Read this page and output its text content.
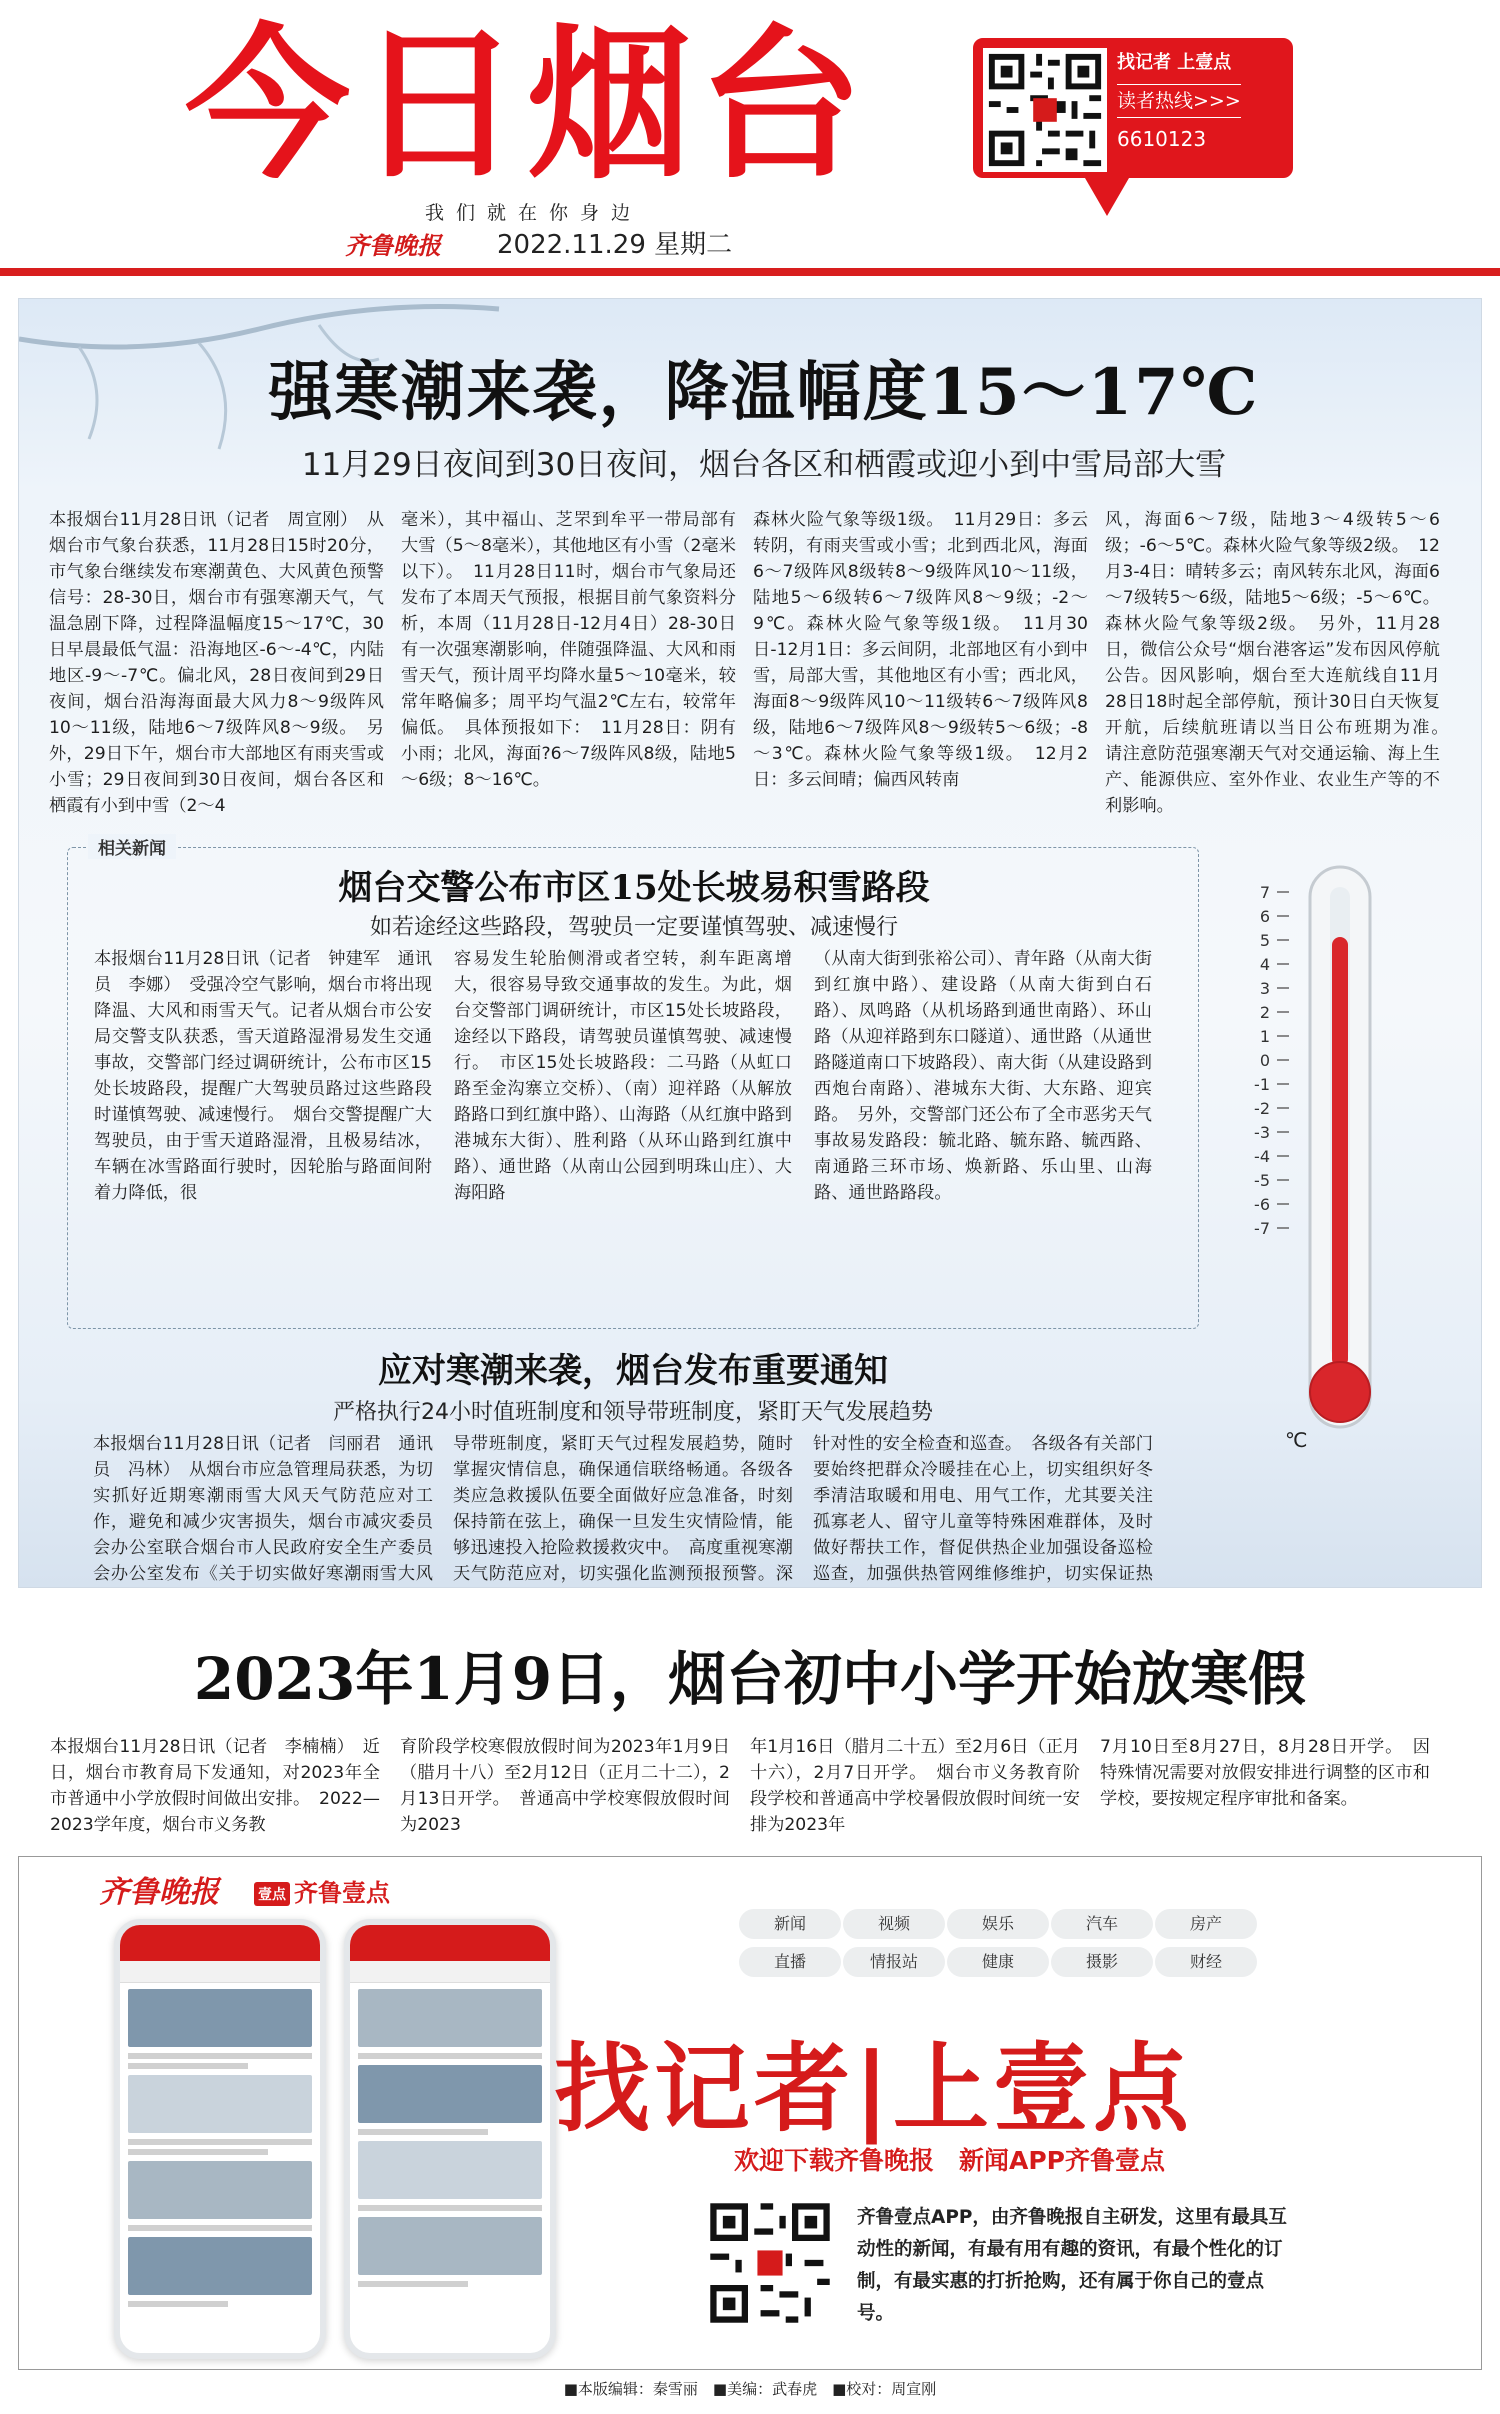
今日烟台
我们就在你身边
齐鲁晚报 2022.11.29 星期二
找记者 上壹点
读者热线>>>
6610123
强寒潮来袭，降温幅度15～17℃
11月29日夜间到30日夜间，烟台各区和栖霞或迎小到中雪局部大雪

本报烟台11月28日讯（记者　周宣刚）　从烟台市气象台获悉，11月28日15时20分，市气象台继续发布寒潮黄色、大风黄色预警信号：28-30日，烟台市有强寒潮天气，气温急剧下降，过程降温幅度15～17℃，30日早晨最低气温：沿海地区-6～-4℃，内陆地区-9～-7℃。偏北风，28日夜间到29日夜间，烟台沿海海面最大风力8～9级阵风10～11级，陆地6～7级阵风8～9级。　另外，29日下午，烟台市大部地区有雨夹雪或小雪；29日夜间到30日夜间，烟台各区和栖霞有小到中雪（2～4

毫米），其中福山、芝罘到牟平一带局部有大雪（5～8毫米），其他地区有小雪（2毫米以下）。　11月28日11时，烟台市气象局还发布了本周天气预报，根据目前气象资料分析，本周（11月28日-12月4日）28-30日有一次强寒潮影响，伴随强降温、大风和雨雪天气，预计周平均降水量5～10毫米，较常年略偏多；周平均气温2℃左右，较常年偏低。　具体预报如下：　11月28日：阴有小雨；北风，海面?6～7级阵风8级，陆地5～6级；8～16℃。

森林火险气象等级1级。　11月29日：多云转阴，有雨夹雪或小雪；北到西北风，海面6～7级阵风8级转8～9级阵风10～11级，陆地5～6级转6～7级阵风8～9级；-2～9℃。森林火险气象等级1级。　11月30日-12月1日：多云间阴，北部地区有小到中雪，局部大雪，其他地区有小雪；西北风，海面8～9级阵风10～11级转6～7级阵风8级，陆地6～7级阵风8～9级转5～6级；-8～3℃。森林火险气象等级1级。　12月2日：多云间晴；偏西风转南

风，海面6～7级，陆地3～4级转5～6级；-6～5℃。森林火险气象等级2级。　12月3-4日：晴转多云；南风转东北风，海面6～7级转5～6级，陆地5～6级；-5～6℃。森林火险气象等级2级。　另外，11月28日，微信公众号“烟台港客运”发布因风停航公告。因风影响，烟台至大连航线自11月28日18时起全部停航，预计30日白天恢复开航，后续航班请以当日公布班期为准。　请注意防范强寒潮天气对交通运输、海上生产、能源供应、室外作业、农业生产等的不利影响。

相关新闻
烟台交警公布市区15处长坡易积雪路段
如若途经这些路段，驾驶员一定要谨慎驾驶、减速慢行

本报烟台11月28日讯（记者　钟建军　通讯员　李娜）　受强冷空气影响，烟台市将出现降温、大风和雨雪天气。记者从烟台市公安局交警支队获悉，雪天道路湿滑易发生交通事故，交警部门经过调研统计，公布市区15处长坡路段，提醒广大驾驶员路过这些路段时谨慎驾驶、减速慢行。　烟台交警提醒广大驾驶员，由于雪天道路湿滑，且极易结冰，车辆在冰雪路面行驶时，因轮胎与路面间附着力降低，很

容易发生轮胎侧滑或者空转，刹车距离增大，很容易导致交通事故的发生。为此，烟台交警部门调研统计，市区15处长坡路段，途经以下路段，请驾驶员谨慎驾驶、减速慢行。　市区15处长坡路段：二马路（从虹口路至金沟寨立交桥）、（南）迎祥路（从解放路路口到红旗中路）、山海路（从红旗中路到港城东大街）、胜利路（从环山路到红旗中路）、通世路（从南山公园到明珠山庄）、大海阳路

（从南大街到张裕公司）、青年路（从南大街到红旗中路）、建设路（从南大街到白石路）、凤鸣路（从机场路到通世南路）、环山路（从迎祥路到东口隧道）、通世路（从通世路隧道南口下坡路段）、南大街（从建设路到西炮台南路）、港城东大街、大东路、迎宾路。　另外，交警部门还公布了全市恶劣天气事故易发路段：毓北路、毓东路、毓西路、南通路三环市场、焕新路、乐山里、山海路、通世路路段。

应对寒潮来袭，烟台发布重要通知
严格执行24小时值班制度和领导带班制度，紧盯天气发展趋势

本报烟台11月28日讯（记者　闫丽君　通讯员　冯林）　从烟台市应急管理局获悉，为切实抓好近期寒潮雨雪大风天气防范应对工作，避免和减少灾害损失，烟台市减灾委员会办公室联合烟台市人民政府安全生产委员会办公室发布《关于切实做好寒潮雨雪大风　

导带班制度，紧盯天气过程发展趋势，随时掌握灾情信息，确保通信联络畅通。各级各类应急救援队伍要全面做好应急准备，时刻保持箭在弦上，确保一旦发生灾情险情，能够迅速投入抢险救援救灾中。　高度重视寒潮天气防范应对，切实强化监测预报预警。深

针对性的安全检查和巡查。　各级各有关部门要始终把群众冷暖挂在心上，切实组织好冬季清洁取暖和用电、用气工作，尤其要关注孤寡老人、留守儿童等特殊困难群体，及时做好帮扶工作，督促供热企业加强设备巡检巡查，加强供热管网维修维护，切实保证热　

7
6
5
4
3
2
1
0
-1
-2
-3
-4
-5
-6
-7
℃
2023年1月9日，烟台初中小学开始放寒假

本报烟台11月28日讯（记者　李楠楠）　近日，烟台市教育局下发通知，对2023年全市普通中小学放假时间做出安排。　2022—2023学年度，烟台市义务教

育阶段学校寒假放假时间为2023年1月9日（腊月十八）至2月12日（正月二十二），2月13日开学。　普通高中学校寒假放假时间为2023

年1月16日（腊月二十五）至2月6日（正月十六），2月7日开学。　烟台市义务教育阶段学校和普通高中学校暑假放假时间统一安排为2023年

7月10日至8月27日，8月28日开学。　因特殊情况需要对放假安排进行调整的区市和学校，要按规定程序审批和备案。

齐鲁晚报	壹点 齐鲁壹点
新闻	视频	娱乐	汽车	房产
直播	情报站	健康	摄影	财经
找记者|上壹点
欢迎下载齐鲁晚报　新闻APP齐鲁壹点
齐鲁壹点APP，由齐鲁晚报自主研发，这里有最具互动性的新闻，有最有用有趣的资讯，有最个性化的订制，有最实惠的打折抢购，还有属于你自己的壹点号。
■本版编辑：秦雪丽　■美编：武春虎　■校对：周宣刚
